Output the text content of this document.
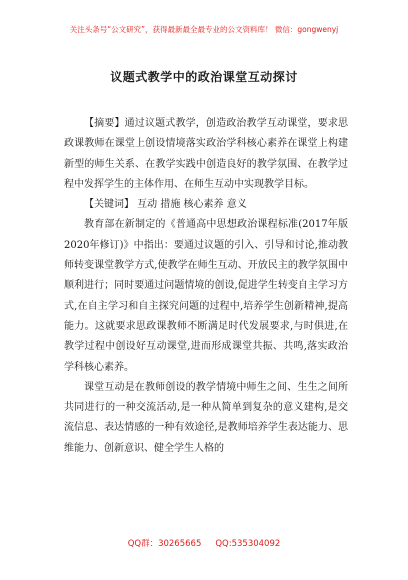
关注头条号“公文研究”，获得最新最全最专业的公文资料库！ 微信：gongwenyj
议题式教学中的政治课堂互动探讨

【摘要】通过议题式教学，创造政治教学互动课堂，要求思政课教师在课堂上创设情境落实政治学科核心素养在课堂上构建新型的师生关系、在教学实践中创造良好的教学氛围、在教学过程中发挥学生的主体作用、在师生互动中实现教学目标。

【关键词】 互动 措施 核心素养 意义

教育部在新制定的《普通高中思想政治课程标准(2017年版2020年修订)》中指出：要通过议题的引入、引导和讨论,推动教师转变课堂教学方式,使教学在师生互动、开放民主的教学氛围中顺利进行；同时要通过问题情境的创设,促进学生转变自主学习方式,在自主学习和自主探究问题的过程中,培养学生创新精神,提高能力。这就要求思政课教师不断满足时代发展要求,与时俱进,在教学过程中创设好互动课堂,进而形成课堂共振、共鸣,落实政治学科核心素养。

课堂互动是在教师创设的教学情境中师生之间、生生之间所共同进行的一种交流活动,是一种从简单到复杂的意义建构,是交流信息、表达情感的一种有效途径,是教师培养学生表达能力、思维能力、创新意识、健全学生人格的

QQ群：30265665 QQ:535304092
